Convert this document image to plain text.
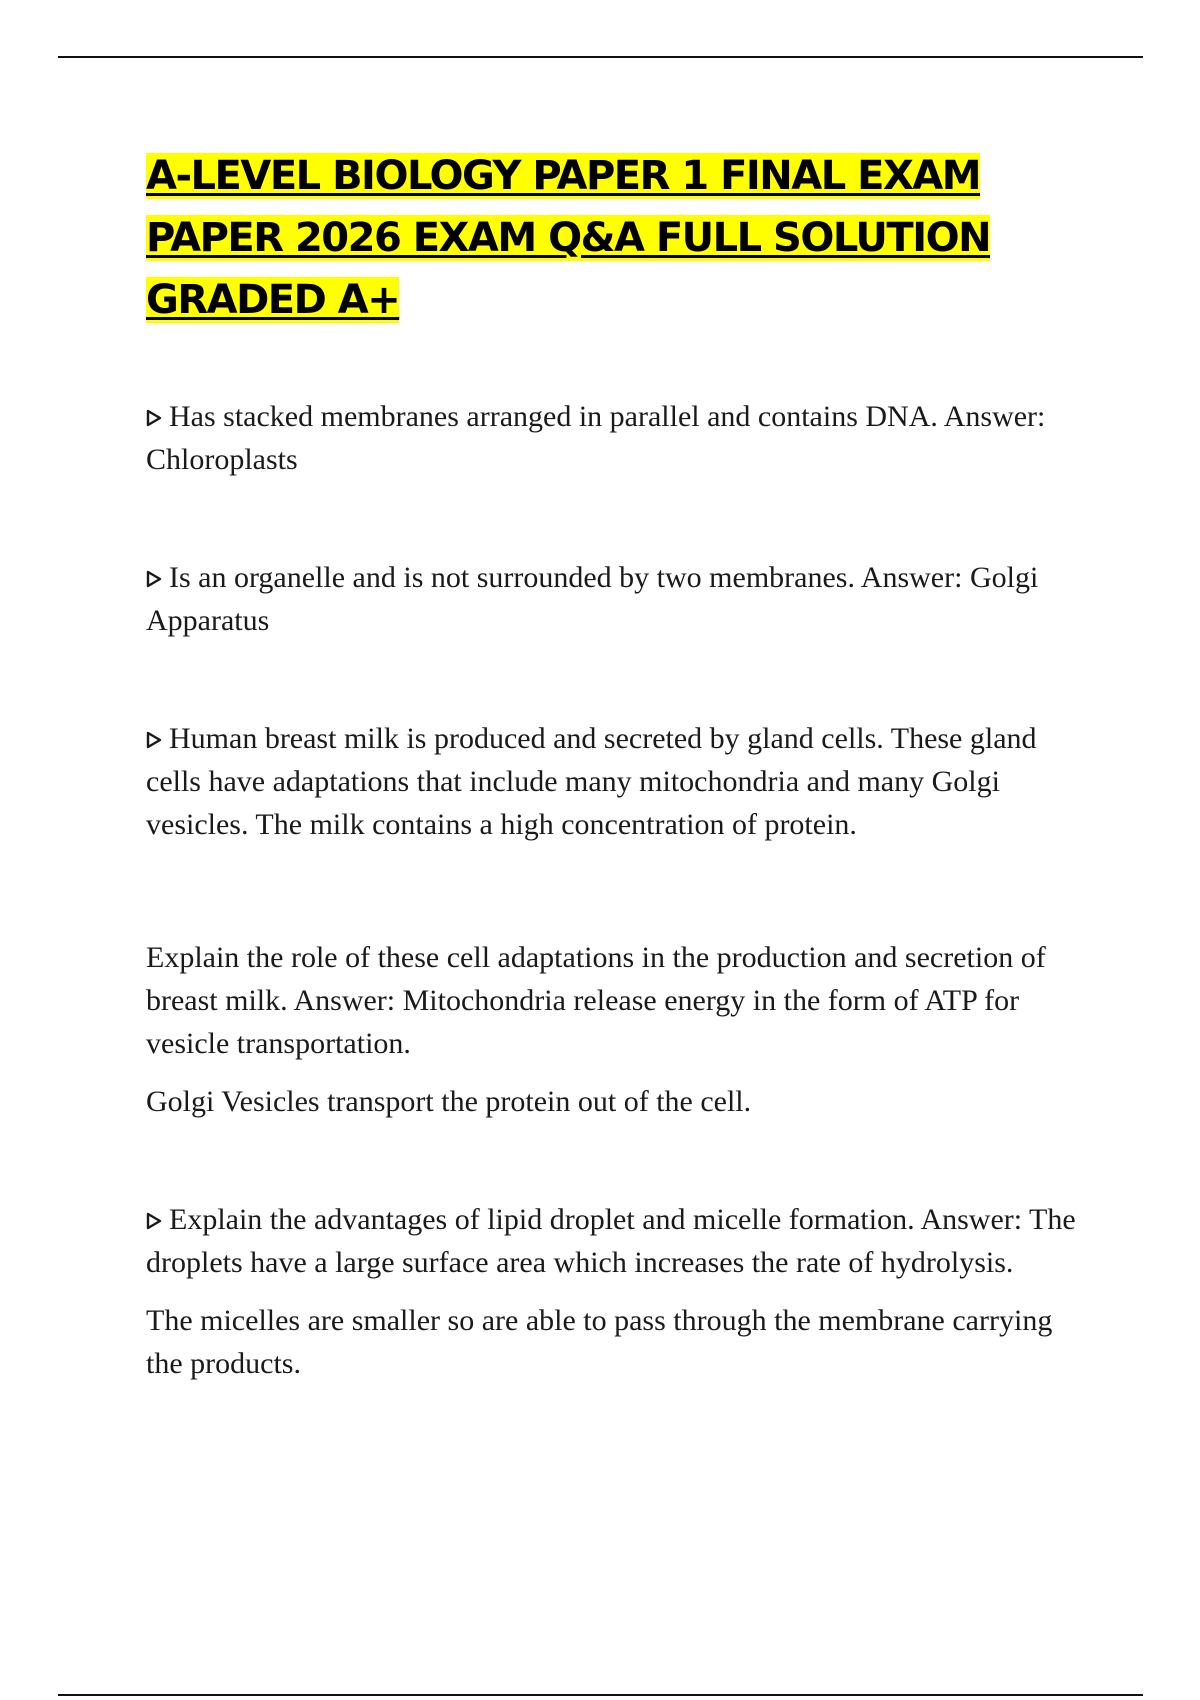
A-LEVEL BIOLOGY PAPER 1 FINAL EXAM PAPER 2026 EXAM Q&A FULL SOLUTION GRADED A+

Has stacked membranes arranged in parallel and contains DNA. Answer: Chloroplasts

Is an organelle and is not surrounded by two membranes. Answer: Golgi Apparatus

Human breast milk is produced and secreted by gland cells. These gland cells have adaptations that include many mitochondria and many Golgi vesicles. The milk contains a high concentration of protein.

Explain the role of these cell adaptations in the production and secretion of breast milk. Answer: Mitochondria release energy in the form of ATP for vesicle transportation.

Golgi Vesicles transport the protein out of the cell.

Explain the advantages of lipid droplet and micelle formation. Answer: The droplets have a large surface area which increases the rate of hydrolysis.

The micelles are smaller so are able to pass through the membrane carrying the products.
